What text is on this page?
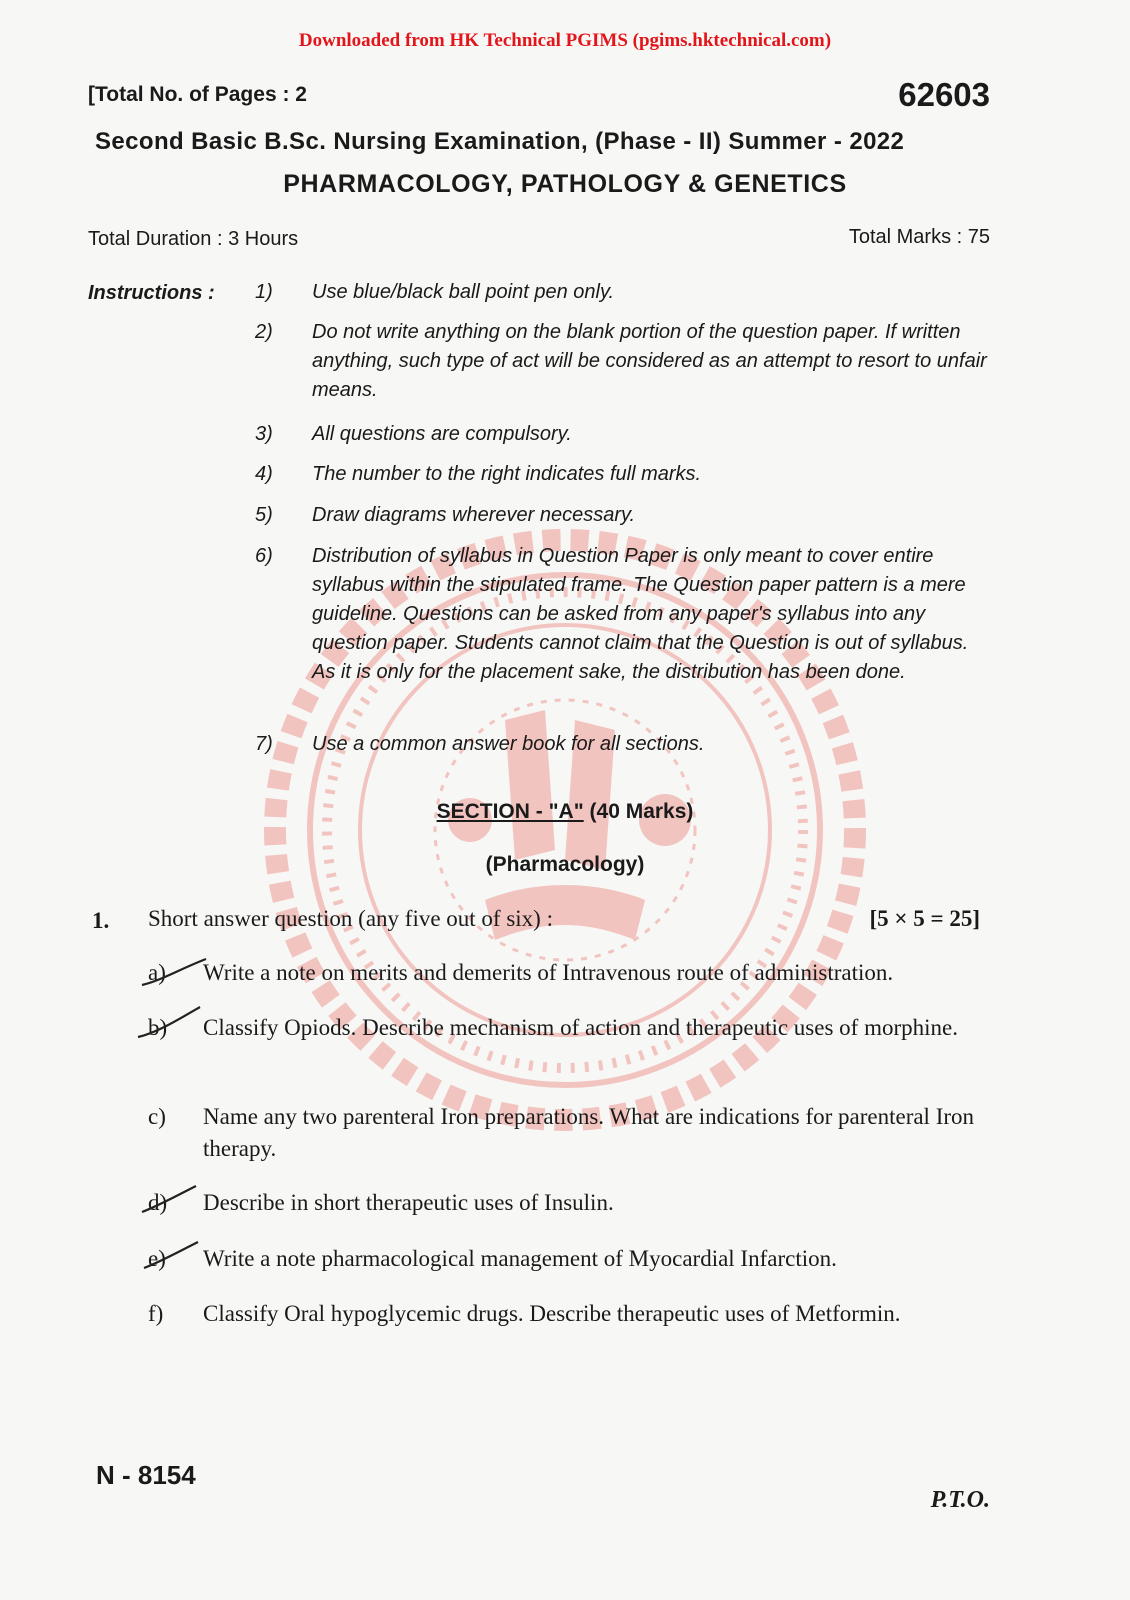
Downloaded from HK Technical PGIMS (pgims.hktechnical.com)
[Total No. of Pages : 2	62603
Second Basic B.Sc. Nursing Examination, (Phase - II) Summer - 2022
PHARMACOLOGY, PATHOLOGY & GENETICS
Total Duration : 3 Hours	Total Marks : 75
Instructions : 1) Use blue/black ball point pen only.
2) Do not write anything on the blank portion of the question paper. If written anything, such type of act will be considered as an attempt to resort to unfair means.
3) All questions are compulsory.
4) The number to the right indicates full marks.
5) Draw diagrams wherever necessary.
6) Distribution of syllabus in Question Paper is only meant to cover entire syllabus within the stipulated frame. The Question paper pattern is a mere guideline. Questions can be asked from any paper's syllabus into any question paper. Students cannot claim that the Question is out of syllabus. As it is only for the placement sake, the distribution has been done.
7) Use a common answer book for all sections.
SECTION - "A" (40 Marks)
(Pharmacology)
1. Short answer question (any five out of six) :	[5 × 5 = 25]
a) Write a note on merits and demerits of Intravenous route of administration.
b) Classify Opiods. Describe mechanism of action and therapeutic uses of morphine.
c) Name any two parenteral Iron preparations. What are indications for parenteral Iron therapy.
d) Describe in short therapeutic uses of Insulin.
e) Write a note pharmacological management of Myocardial Infarction.
f) Classify Oral hypoglycemic drugs. Describe therapeutic uses of Metformin.
N - 8154
P.T.O.
